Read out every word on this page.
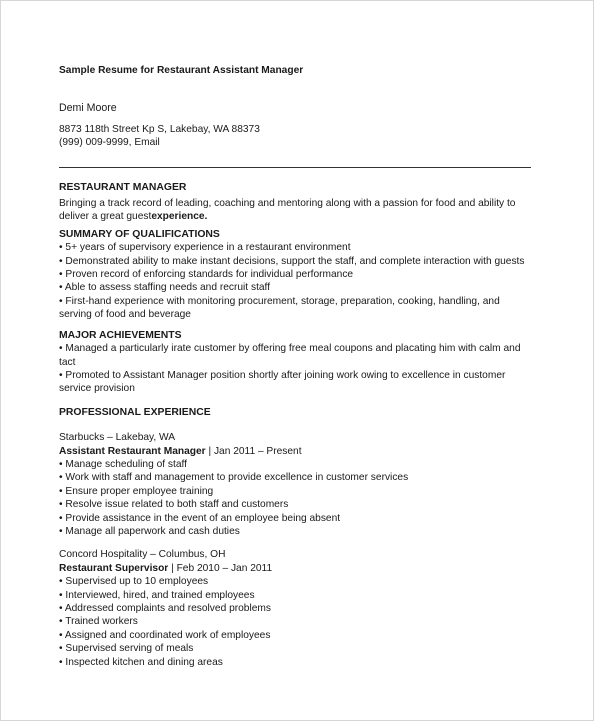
Sample Resume for Restaurant Assistant Manager
Demi Moore
8873 118th Street Kp S, Lakebay, WA 88373
(999) 009-9999, Email
RESTAURANT MANAGER
Bringing a track record of leading, coaching and mentoring along with a passion for food and ability to deliver a great guestexperience.
SUMMARY OF QUALIFICATIONS
• 5+ years of supervisory experience in a restaurant environment
• Demonstrated ability to make instant decisions, support the staff, and complete interaction with guests
• Proven record of enforcing standards for individual performance
• Able to assess staffing needs and recruit staff
• First-hand experience with monitoring procurement, storage, preparation, cooking, handling, and serving of food and beverage
MAJOR ACHIEVEMENTS
• Managed a particularly irate customer by offering free meal coupons and placating him with calm and tact
• Promoted to Assistant Manager position shortly after joining work owing to excellence in customer service provision
PROFESSIONAL EXPERIENCE
Starbucks – Lakebay, WA
Assistant Restaurant Manager | Jan 2011 – Present
• Manage scheduling of staff
• Work with staff and management to provide excellence in customer services
• Ensure proper employee training
• Resolve issue related to both staff and customers
• Provide assistance in the event of an employee being absent
• Manage all paperwork and cash duties
Concord Hospitality – Columbus, OH
Restaurant Supervisor | Feb 2010 – Jan 2011
• Supervised up to 10 employees
• Interviewed, hired, and trained employees
• Addressed complaints and resolved problems
• Trained workers
• Assigned and coordinated work of employees
• Supervised serving of meals
• Inspected kitchen and dining areas
